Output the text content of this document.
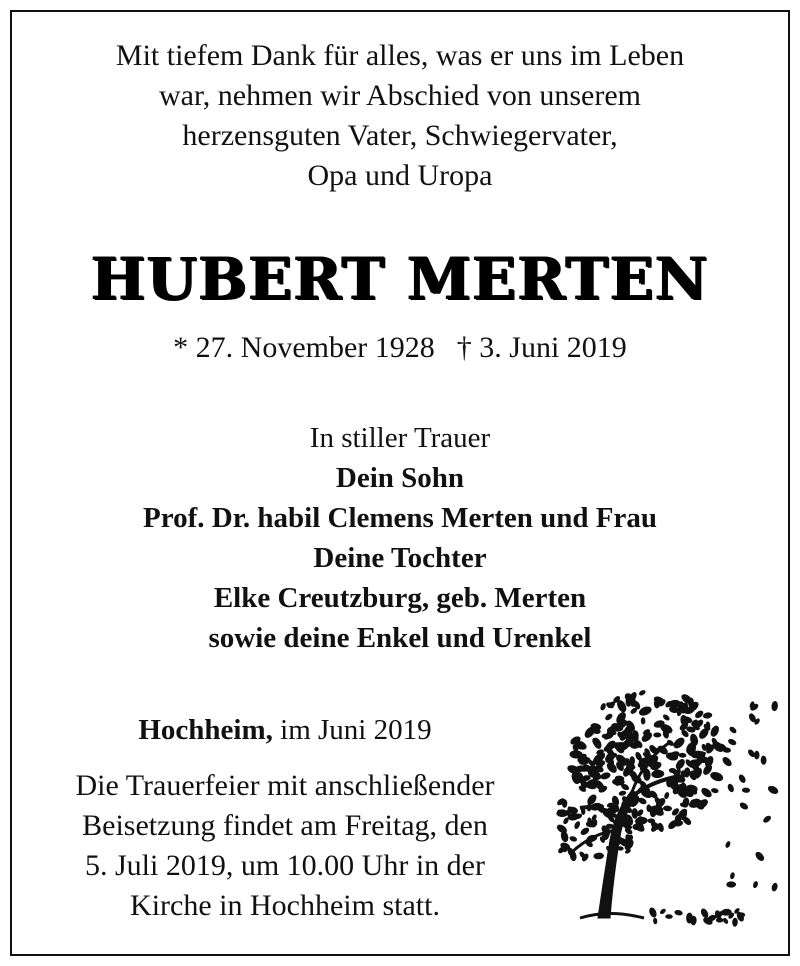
Mit tiefem Dank für alles, was er uns im Leben
war, nehmen wir Abschied von unserem
herzensguten Vater, Schwiegervater,
Opa und Uropa
HUBERT MERTEN
* 27. November 1928 † 3. Juni 2019
In stiller Trauer
Dein Sohn
Prof. Dr. habil Clemens Merten und Frau
Deine Tochter
Elke Creutzburg, geb. Merten
sowie deine Enkel und Urenkel
Hochheim, im Juni 2019
Die Trauerfeier mit anschließender
Beisetzung findet am Freitag, den
5. Juli 2019, um 10.00 Uhr in der
Kirche in Hochheim statt.
